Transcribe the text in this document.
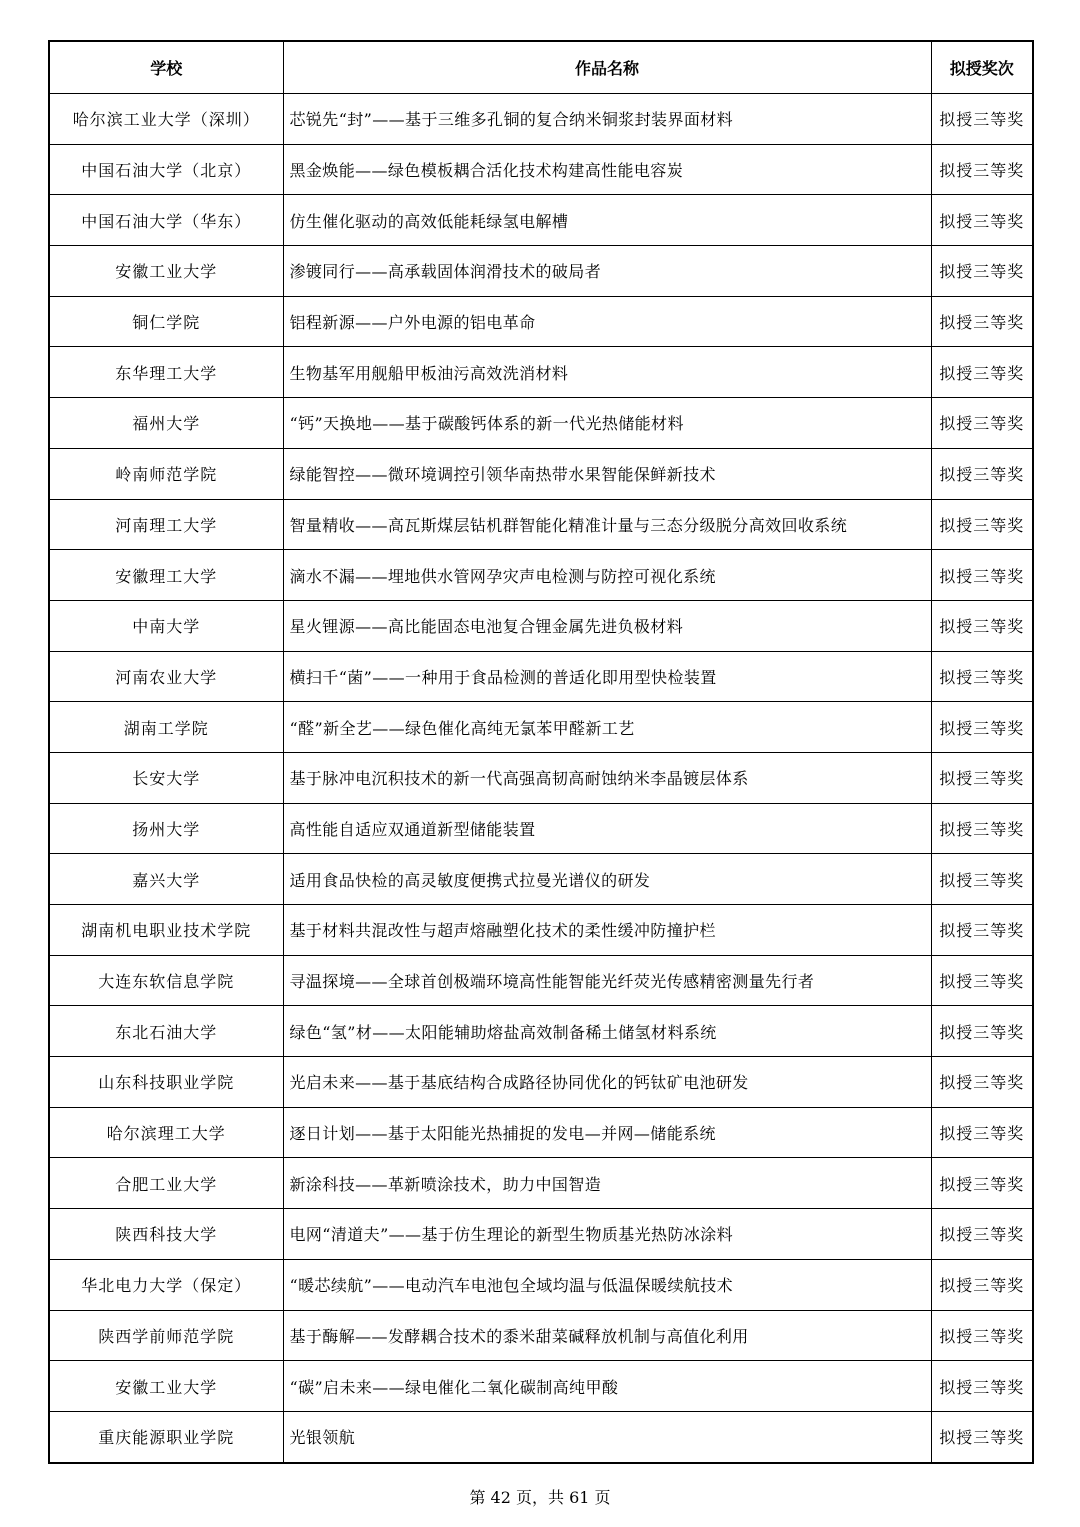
学校	作品名称	拟授奖次
哈尔滨工业大学（深圳）	芯锐先“封”——基于三维多孔铜的复合纳米铜浆封装界面材料	拟授三等奖
中国石油大学（北京）	黑金焕能——绿色模板耦合活化技术构建高性能电容炭	拟授三等奖
中国石油大学（华东）	仿生催化驱动的高效低能耗绿氢电解槽	拟授三等奖
安徽工业大学	渗镀同行——高承载固体润滑技术的破局者	拟授三等奖
铜仁学院	铝程新源——户外电源的铝电革命	拟授三等奖
东华理工大学	生物基军用舰船甲板油污高效洗消材料	拟授三等奖
福州大学	“钙”天换地——基于碳酸钙体系的新一代光热储能材料	拟授三等奖
岭南师范学院	绿能智控——微环境调控引领华南热带水果智能保鲜新技术	拟授三等奖
河南理工大学	智量精收——高瓦斯煤层钻机群智能化精准计量与三态分级脱分高效回收系统	拟授三等奖
安徽理工大学	滴水不漏——埋地供水管网孕灾声电检测与防控可视化系统	拟授三等奖
中南大学	星火锂源——高比能固态电池复合锂金属先进负极材料	拟授三等奖
河南农业大学	横扫千“菌”——一种用于食品检测的普适化即用型快检装置	拟授三等奖
湖南工学院	“醛”新全艺——绿色催化高纯无氯苯甲醛新工艺	拟授三等奖
长安大学	基于脉冲电沉积技术的新一代高强高韧高耐蚀纳米李晶镀层体系	拟授三等奖
扬州大学	高性能自适应双通道新型储能装置	拟授三等奖
嘉兴大学	适用食品快检的高灵敏度便携式拉曼光谱仪的研发	拟授三等奖
湖南机电职业技术学院	基于材料共混改性与超声熔融塑化技术的柔性缓冲防撞护栏	拟授三等奖
大连东软信息学院	寻温探境——全球首创极端环境高性能智能光纤荧光传感精密测量先行者	拟授三等奖
东北石油大学	绿色“氢”材——太阳能辅助熔盐高效制备稀土储氢材料系统	拟授三等奖
山东科技职业学院	光启未来——基于基底结构合成路径协同优化的钙钛矿电池研发	拟授三等奖
哈尔滨理工大学	逐日计划——基于太阳能光热捕捉的发电—并网—储能系统	拟授三等奖
合肥工业大学	新涂科技——革新喷涂技术，助力中国智造	拟授三等奖
陕西科技大学	电网“清道夫”——基于仿生理论的新型生物质基光热防冰涂料	拟授三等奖
华北电力大学（保定）	“暖芯续航”——电动汽车电池包全域均温与低温保暖续航技术	拟授三等奖
陕西学前师范学院	基于酶解——发酵耦合技术的黍米甜菜碱释放机制与高值化利用	拟授三等奖
安徽工业大学	“碳”启未来——绿电催化二氧化碳制高纯甲酸	拟授三等奖
重庆能源职业学院	光银领航	拟授三等奖
第 42 页，共 61 页
